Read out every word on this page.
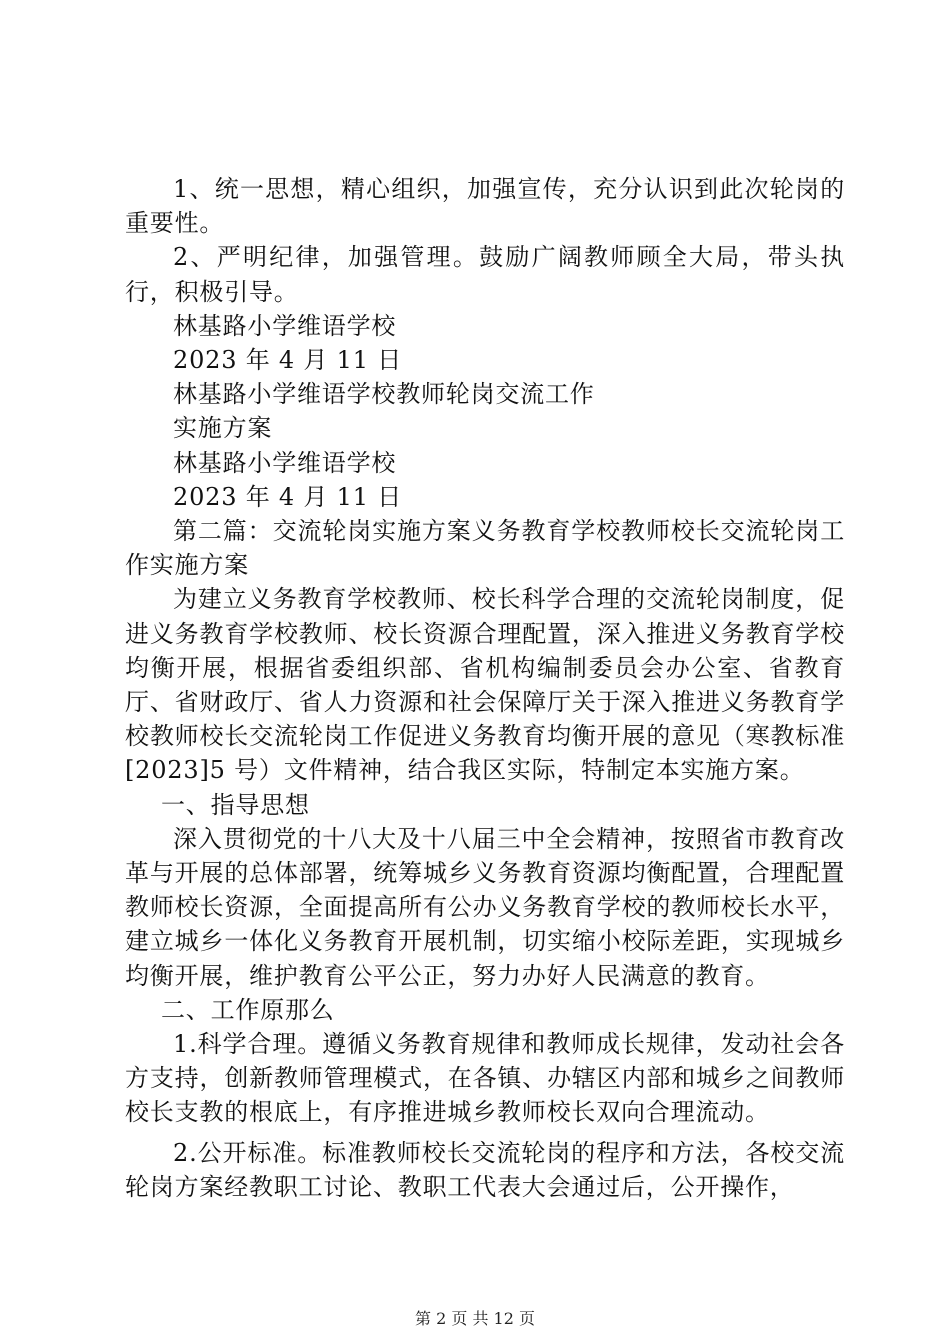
1、统一思想，精心组织，加强宣传，充分认识到此次轮岗的重要性。

2、严明纪律，加强管理。鼓励广阔教师顾全大局，带头执行，积极引导。

林基路小学维语学校

2023 年 4 月 11 日

林基路小学维语学校教师轮岗交流工作

实施方案

林基路小学维语学校

2023 年 4 月 11 日

第二篇：交流轮岗实施方案义务教育学校教师校长交流轮岗工作实施方案

为建立义务教育学校教师、校长科学合理的交流轮岗制度，促进义务教育学校教师、校长资源合理配置，深入推进义务教育学校均衡开展，根据省委组织部、省机构编制委员会办公室、省教育厅、省财政厅、省人力资源和社会保障厅关于深入推进义务教育学校教师校长交流轮岗工作促进义务教育均衡开展的意见（寒教标准[2023]5 号）文件精神，结合我区实际，特制定本实施方案。

一、指导思想

深入贯彻党的十八大及十八届三中全会精神，按照省市教育改革与开展的总体部署，统筹城乡义务教育资源均衡配置，合理配置教师校长资源，全面提高所有公办义务教育学校的教师校长水平，建立城乡一体化义务教育开展机制，切实缩小校际差距，实现城乡均衡开展，维护教育公平公正，努力办好人民满意的教育。

二、工作原那么

1.科学合理。遵循义务教育规律和教师成长规律，发动社会各方支持，创新教师管理模式，在各镇、办辖区内部和城乡之间教师校长支教的根底上，有序推进城乡教师校长双向合理流动。

2.公开标准。标准教师校长交流轮岗的程序和方法，各校交流轮岗方案经教职工讨论、教职工代表大会通过后，公开操作，

第 2 页 共 12 页
